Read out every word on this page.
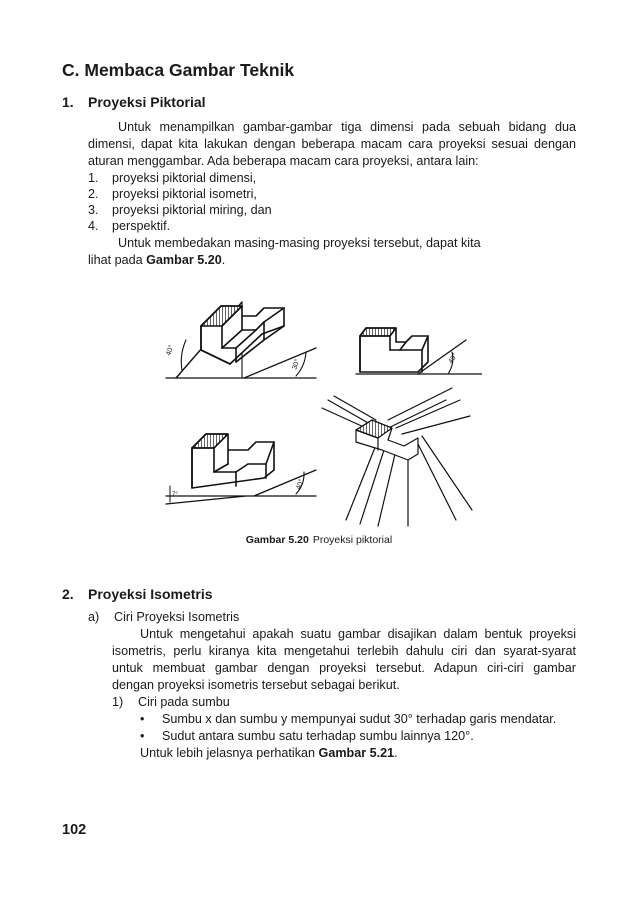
C. Membaca Gambar Teknik
1. Proyeksi Piktorial
Untuk menampilkan gambar-gambar tiga dimensi pada sebuah bidang dua
dimensi, dapat kita lakukan dengan beberapa macam cara proyeksi sesuai dengan
aturan menggambar. Ada beberapa macam cara proyeksi, antara lain:
1. proyeksi piktorial dimensi,
2. proyeksi piktorial isometri,
3. proyeksi piktorial miring, dan
4. perspektif.
Untuk membedakan masing-masing proyeksi tersebut, dapat kita
lihat pada Gambar 5.20.
40°
30°	40°
40°
7°
Gambar 5.20 Proyeksi piktorial
2. Proyeksi Isometris
a) Ciri Proyeksi Isometris
Untuk mengetahui apakah suatu gambar disajikan dalam bentuk proyeksi
isometris, perlu kiranya kita mengetahui terlebih dahulu ciri dan syarat-syarat
untuk membuat gambar dengan proyeksi tersebut. Adapun ciri-ciri gambar
dengan proyeksi isometris tersebut sebagai berikut.
1) Ciri pada sumbu
• Sumbu x dan sumbu y mempunyai sudut 30° terhadap garis mendatar.
• Sudut antara sumbu satu terhadap sumbu lainnya 120°.
Untuk lebih jelasnya perhatikan Gambar 5.21.
102
